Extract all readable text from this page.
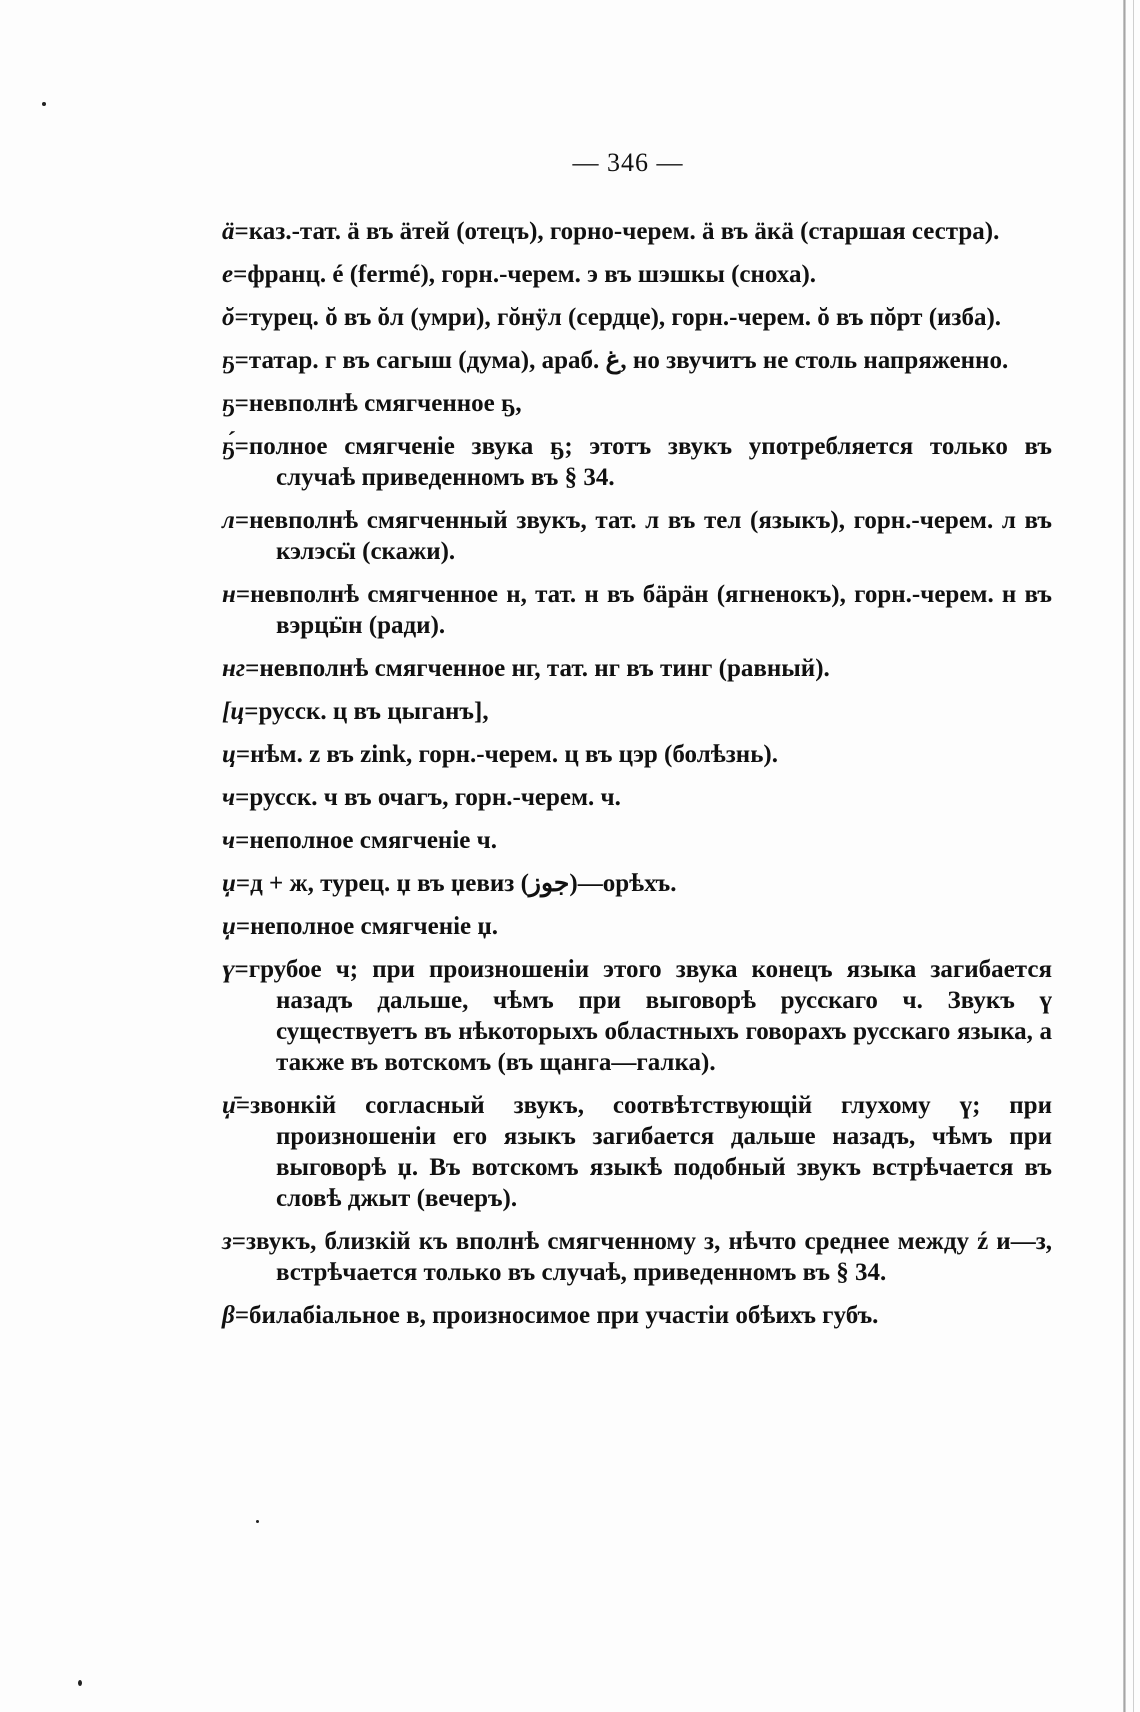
— 346 —

ӓ=каз.-тат. ӓ въ ӓтей (отецъ), горно-черем. ӓ въ ӓкӓ (старшая сестра).

е=франц. é (fermé), горн.-черем. э въ шэшкы (сноха).

ŏ=турец. ŏ въ ŏл (умри), гŏнӱл (сердце), горн.-черем. ŏ въ пŏрт (изба).

ҕ=татар. г въ сагыш (дума), араб. ﻍ, но звучитъ не столь напряженно.

ҕ=невполнѣ смягченное ҕ,

ҕ́=полное смягченіе звука ҕ; этотъ звукъ употребляется только въ случаѣ приведенномъ въ § 34.

л=невполнѣ смягченный звукъ, тат. л въ тел (языкъ), горн.-черем. л въ кэлэсӹ (скажи).

н=невполнѣ смягченное н, тат. н въ бӓрӓн (ягненокъ), горн.-черем. н въ вэрцӹн (ради).

нг=невполнѣ смягченное нг, тат. нг въ тинг (равный).

[ц=русск. ц въ цыганъ],

ц=нѣм. z въ zink, горн.-черем. ц въ цэр (болѣзнь).

ч=русск. ч въ очагъ, горн.-черем. ч.

ч=неполное смягченіе ч.

џ=д + ж, турец. џ въ џевиз (جوز)—орѣхъ.

џ=неполное смягченіе џ.

ү=грубое ч; при произношеніи этого звука конецъ языка загибается назадъ дальше, чѣмъ при выговорѣ русскаго ч. Звукъ ү существуетъ въ нѣкоторыхъ областныхъ говорахъ русскаго языка, а также въ вотскомъ (въ щанга—галка).

џ̄=звонкій согласный звукъ, соотвѣтствующій глухому ү; при произношеніи его языкъ загибается дальше назадъ, чѣмъ при выговорѣ џ. Въ вотскомъ языкѣ подобный звукъ встрѣчается въ словѣ джыт (вечеръ).

з=звукъ, близкій къ вполнѣ смягченному з, нѣчто среднее между ź и—з, встрѣчается только въ случаѣ, приведенномъ въ § 34.

β=билабіальное в, произносимое при участіи обѣихъ губъ.
